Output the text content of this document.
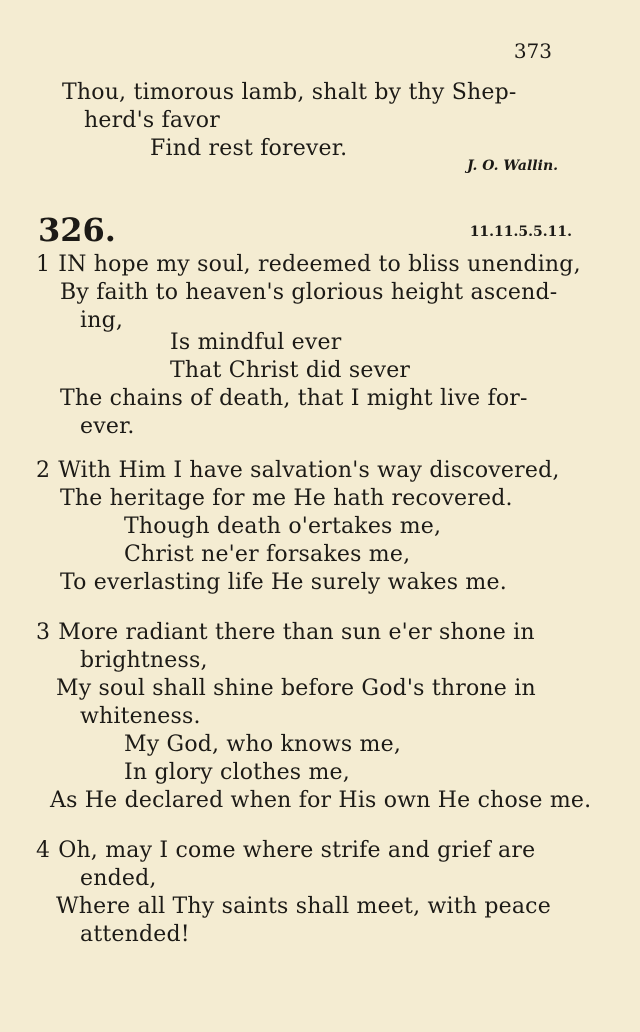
373
Thou, timorous lamb, shalt by thy Shep-
herd's favor
Find rest forever.
J. O. Wallin.
326.	11.11.5.5.11.
1 IN hope my soul, redeemed to bliss unending,
By faith to heaven's glorious height ascend-
ing,
Is mindful ever
That Christ did sever
The chains of death, that I might live for-
ever.
2 With Him I have salvation's way discovered,
The heritage for me He hath recovered.
Though death o'ertakes me,
Christ ne'er forsakes me,
To everlasting life He surely wakes me.
3 More radiant there than sun e'er shone in
brightness,
My soul shall shine before God's throne in
whiteness.
My God, who knows me,
In glory clothes me,
As He declared when for His own He chose me.
4 Oh, may I come where strife and grief are
ended,
Where all Thy saints shall meet, with peace
attended!
